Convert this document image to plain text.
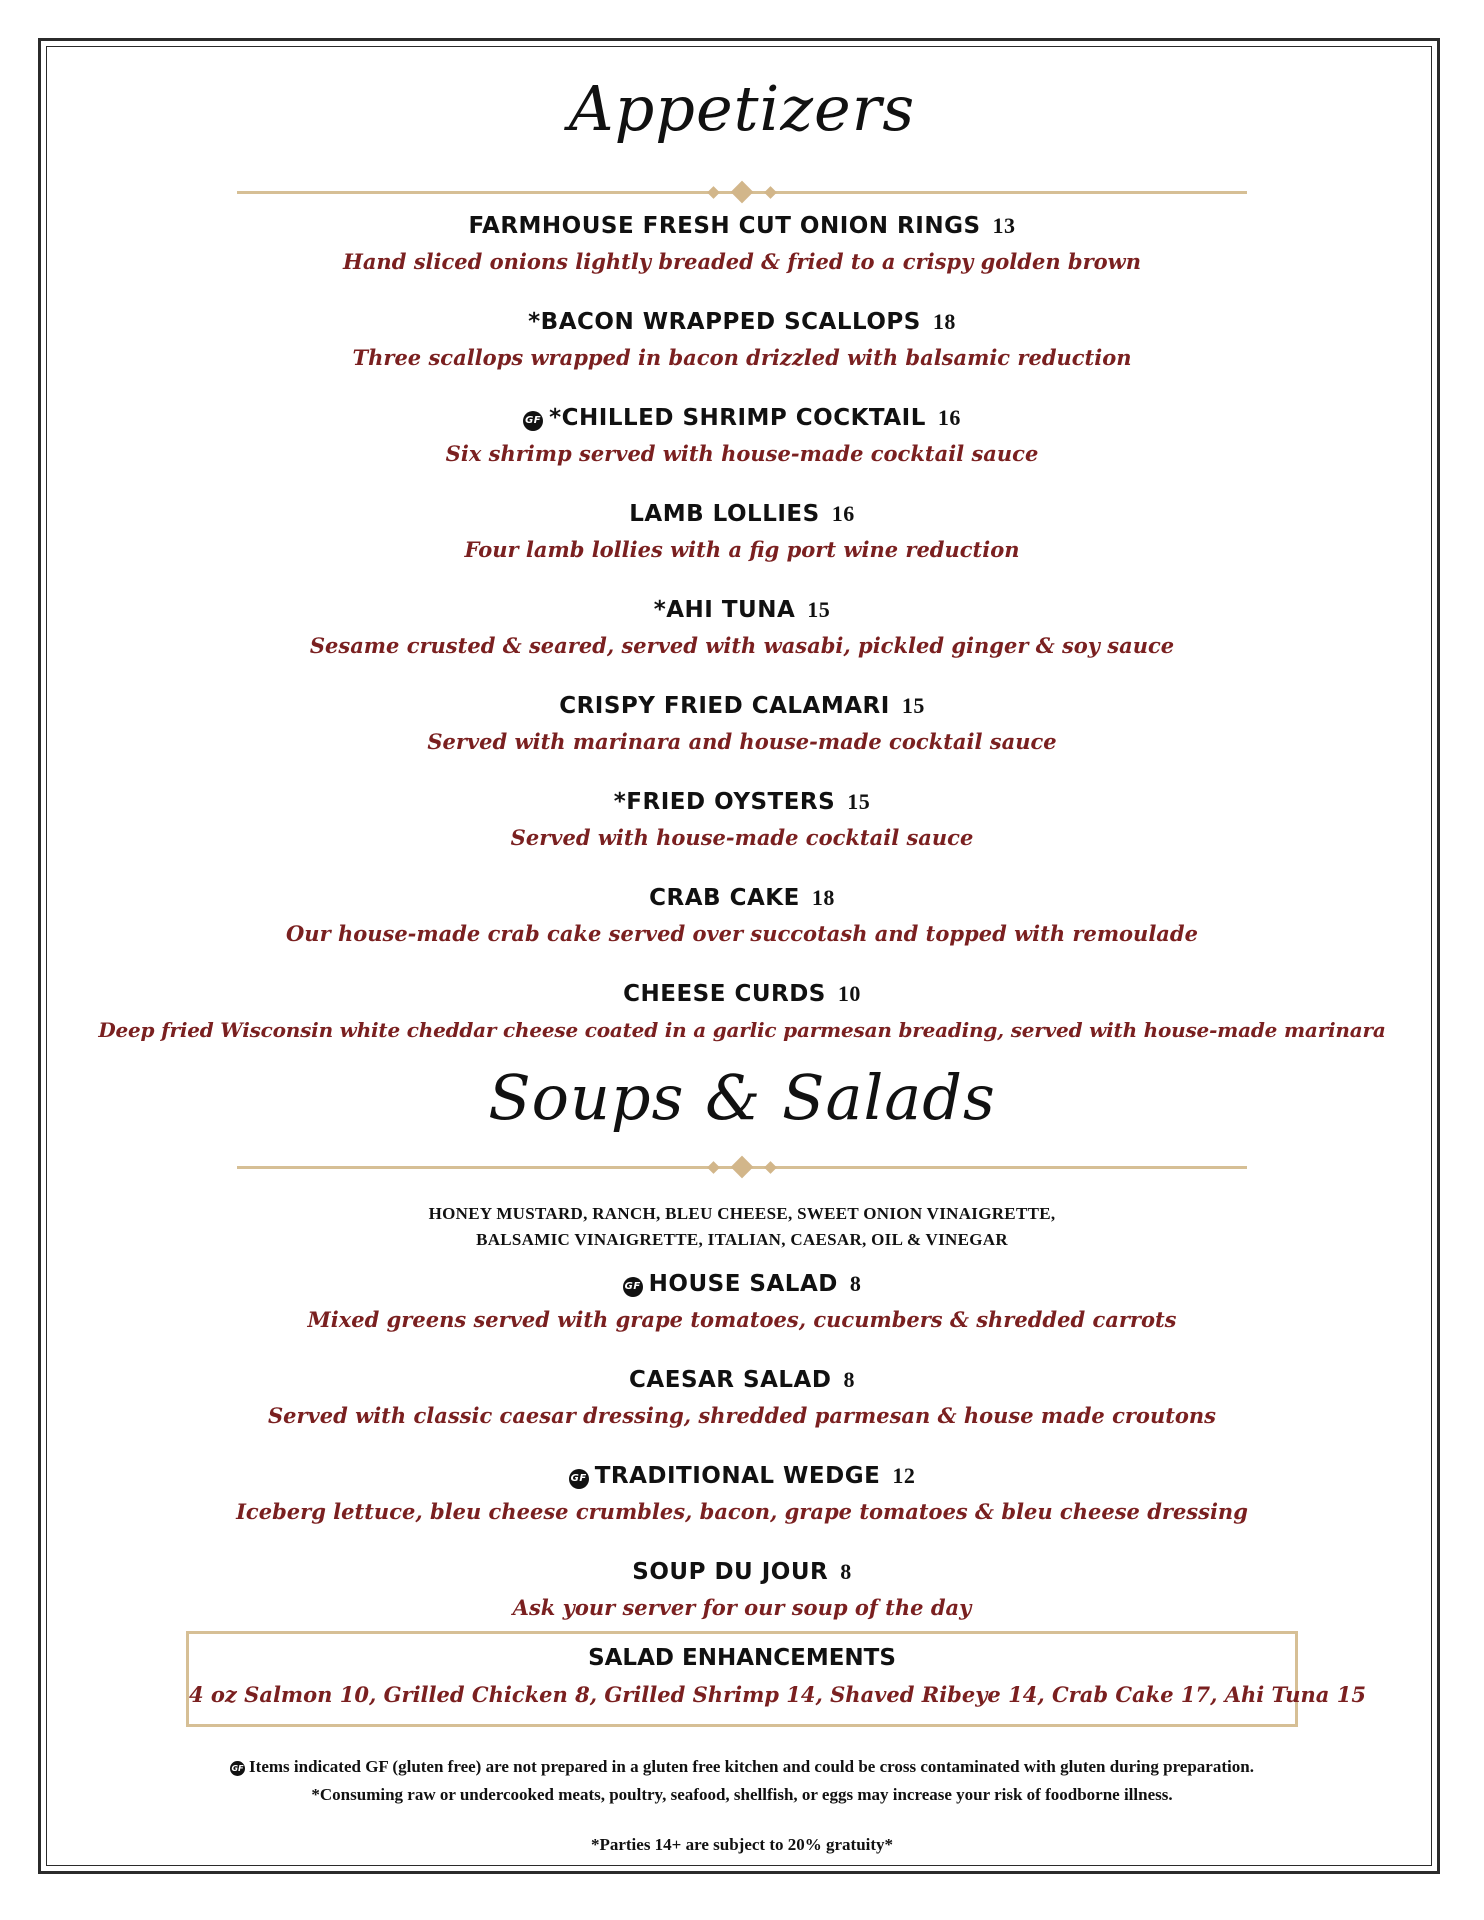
Appetizers
FARMHOUSE FRESH CUT ONION RINGS 13
Hand sliced onions lightly breaded & fried to a crispy golden brown
*BACON WRAPPED SCALLOPS 18
Three scallops wrapped in bacon drizzled with balsamic reduction
GF *CHILLED SHRIMP COCKTAIL 16
Six shrimp served with house-made cocktail sauce
LAMB LOLLIES 16
Four lamb lollies with a fig port wine reduction
*AHI TUNA 15
Sesame crusted & seared, served with wasabi, pickled ginger & soy sauce
CRISPY FRIED CALAMARI 15
Served with marinara and house-made cocktail sauce
*FRIED OYSTERS 15
Served with house-made cocktail sauce
CRAB CAKE 18
Our house-made crab cake served over succotash and topped with remoulade
CHEESE CURDS 10
Deep fried Wisconsin white cheddar cheese coated in a garlic parmesan breading, served with house-made marinara
Soups & Salads
HONEY MUSTARD, RANCH, BLEU CHEESE, SWEET ONION VINAIGRETTE,
BALSAMIC VINAIGRETTE, ITALIAN, CAESAR, OIL & VINEGAR
GF HOUSE SALAD 8
Mixed greens served with grape tomatoes, cucumbers & shredded carrots
CAESAR SALAD 8
Served with classic caesar dressing, shredded parmesan & house made croutons
GF TRADITIONAL WEDGE 12
Iceberg lettuce, bleu cheese crumbles, bacon, grape tomatoes & bleu cheese dressing
SOUP DU JOUR 8
Ask your server for our soup of the day
SALAD ENHANCEMENTS
4 oz Salmon 10, Grilled Chicken 8, Grilled Shrimp 14, Shaved Ribeye 14, Crab Cake 17, Ahi Tuna 15
GF Items indicated GF (gluten free) are not prepared in a gluten free kitchen and could be cross contaminated with gluten during preparation.
*Consuming raw or undercooked meats, poultry, seafood, shellfish, or eggs may increase your risk of foodborne illness.
*Parties 14+ are subject to 20% gratuity*
